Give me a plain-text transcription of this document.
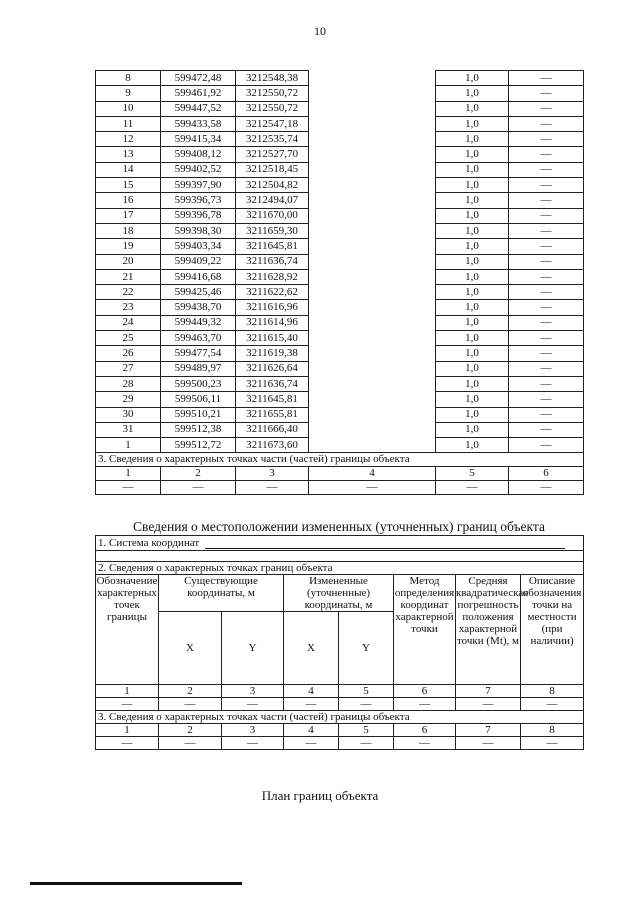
10
8	599472,48	3212548,38		1,0	—
9	599461,92	3212550,72		1,0	—
10	599447,52	3212550,72		1,0	—
11	599433,58	3212547,18		1,0	—
12	599415,34	3212535,74		1,0	—
13	599408,12	3212527,70		1,0	—
14	599402,52	3212518,45		1,0	—
15	599397,90	3212504,82		1,0	—
16	599396,73	3212494,07		1,0	—
17	599396,78	3211670,00		1,0	—
18	599398,30	3211659,30		1,0	—
19	599403,34	3211645,81		1,0	—
20	599409,22	3211636,74		1,0	—
21	599416,68	3211628,92		1,0	—
22	599425,46	3211622,62		1,0	—
23	599438,70	3211616,96		1,0	—
24	599449,32	3211614,96		1,0	—
25	599463,70	3211615,40		1,0	—
26	599477,54	3211619,38		1,0	—
27	599489,97	3211626,64		1,0	—
28	599500,23	3211636,74		1,0	—
29	599506,11	3211645,81		1,0	—
30	599510,21	3211655,81		1,0	—
31	599512,38	3211666,40		1,0	—
1	599512,72	3211673,60		1,0	—
3. Сведения о характерных точках части (частей) границы объекта					
1	2	3	4	5	6
—	—	—	—	—	—
Сведения о местоположении измененных (уточненных) границ объекта
1. Система координат							

2. Сведения о характерных точках границ объекта							
Обозначение характерных точек границы	Существующие координаты, м		Измененные (уточненные) координаты, м		Метод определения координат характерной точки	Средняя квадратическая погрешность положения характерной точки (Mt), м	Описание обозначения точки на местности (при наличии)
	X	Y	X	Y			
1	2	3	4	5	6	7	8
—	—	—	—	—	—	—	—
3. Сведения о характерных точках части (частей) границы объекта							
1	2	3	4	5	6	7	8
—	—	—	—	—	—	—	—
План границ объекта
